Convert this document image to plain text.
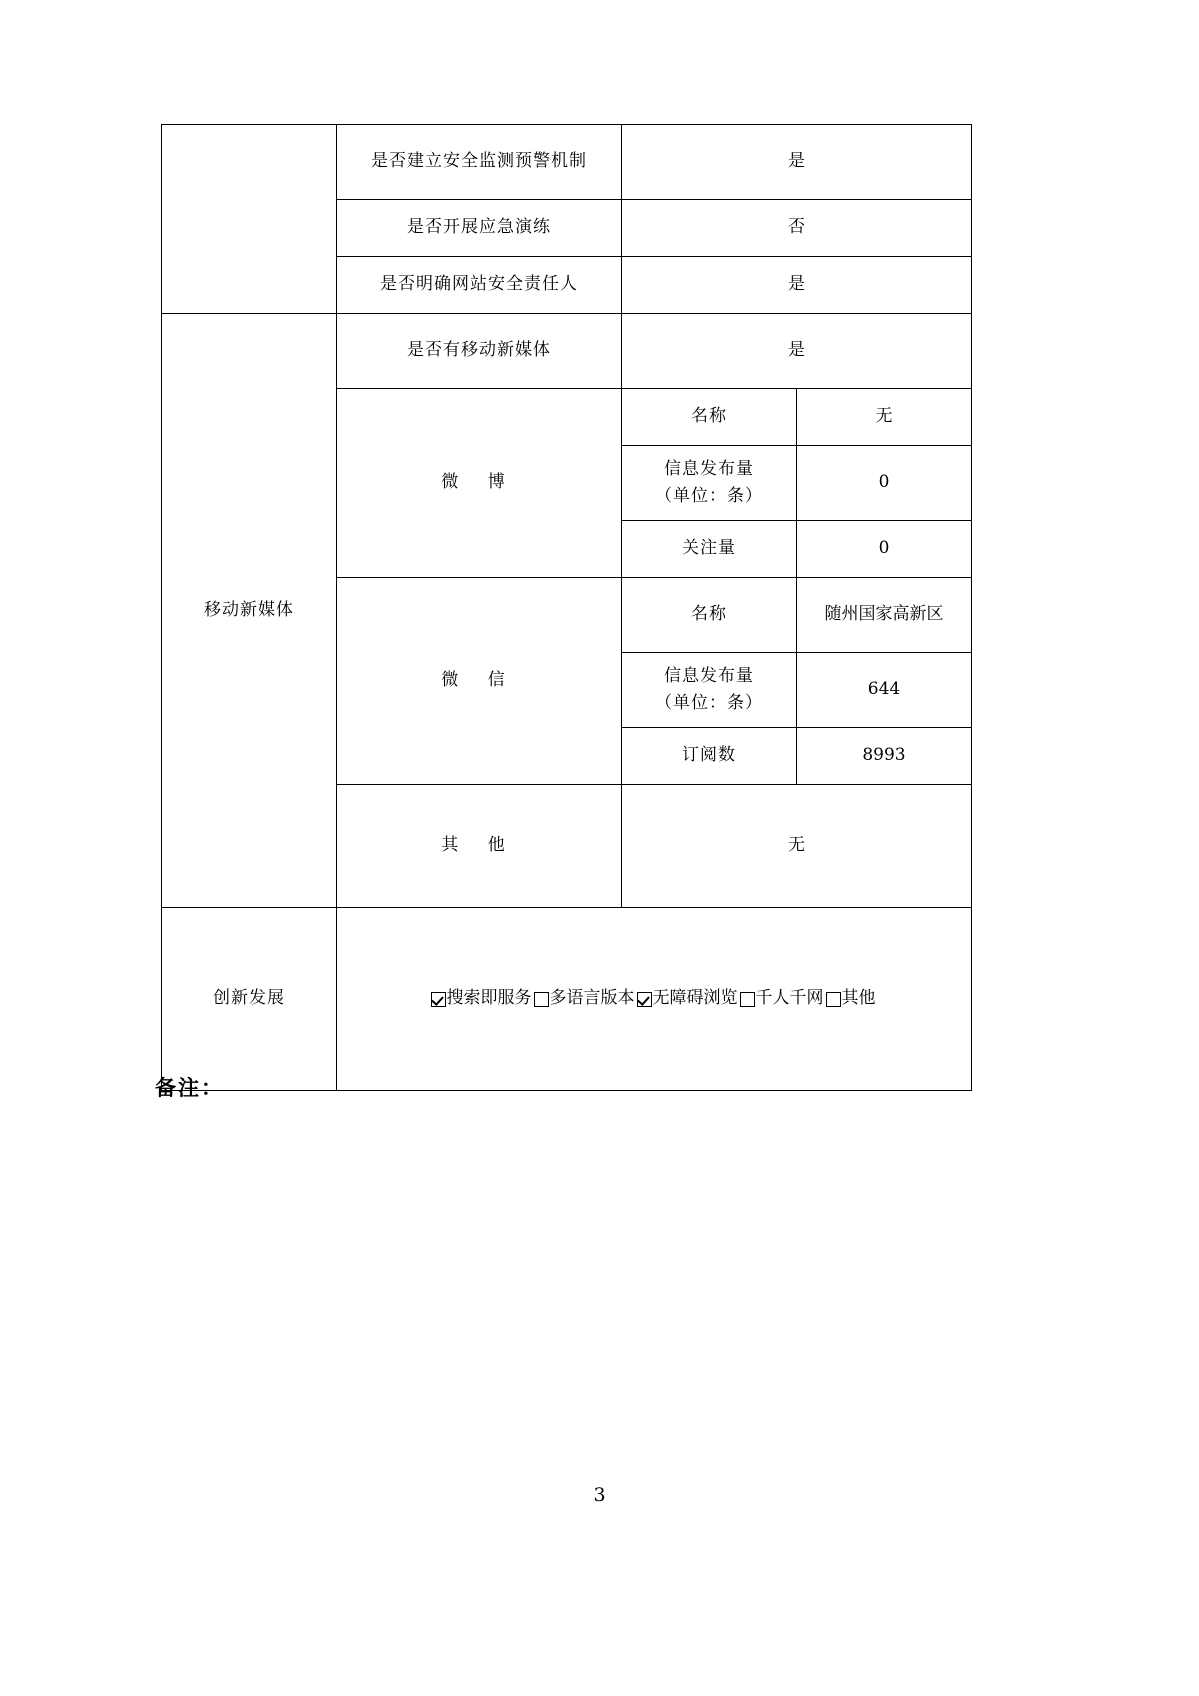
	是否建立安全监测预警机制	是	
	是否开展应急演练	否	
	是否明确网站安全责任人	是	
移动新媒体	是否有移动新媒体	是	
	微 博	名称	无

		信息发布量
（单位：条）	0
		关注量	0
	微 信	名称	随州国家高新区

		信息发布量
（单位：条）	644
		订阅数	8993
	其 他	无	
创新发展	搜索即服务 多语言版本 无障碍浏览 千人千网 其他		
备注：
3
